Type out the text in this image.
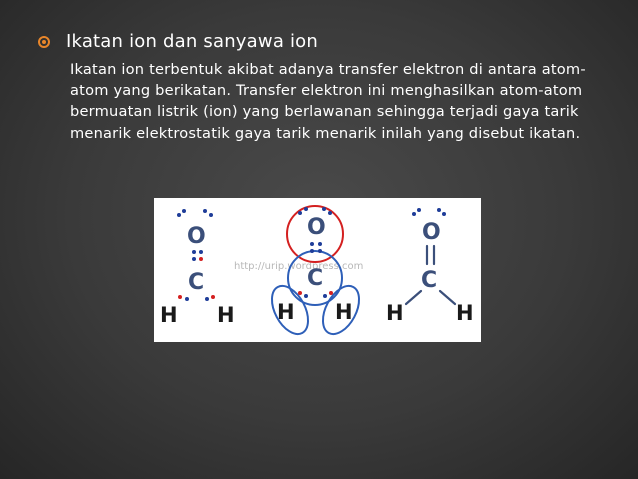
Ikatan ion dan sanyawa ion
Ikatan ion terbentuk akibat adanya transfer elektron di antara atom-atom yang berikatan. Transfer elektron ini menghasilkan atom-atom bermuatan listrik (ion) yang berlawanan sehingga terjadi gaya tarik menarik elektrostatik gaya tarik menarik inilah yang disebut ikatan.
http://urip.wordpress.com
O
C
H H
O
C
H H
O
C
H H
